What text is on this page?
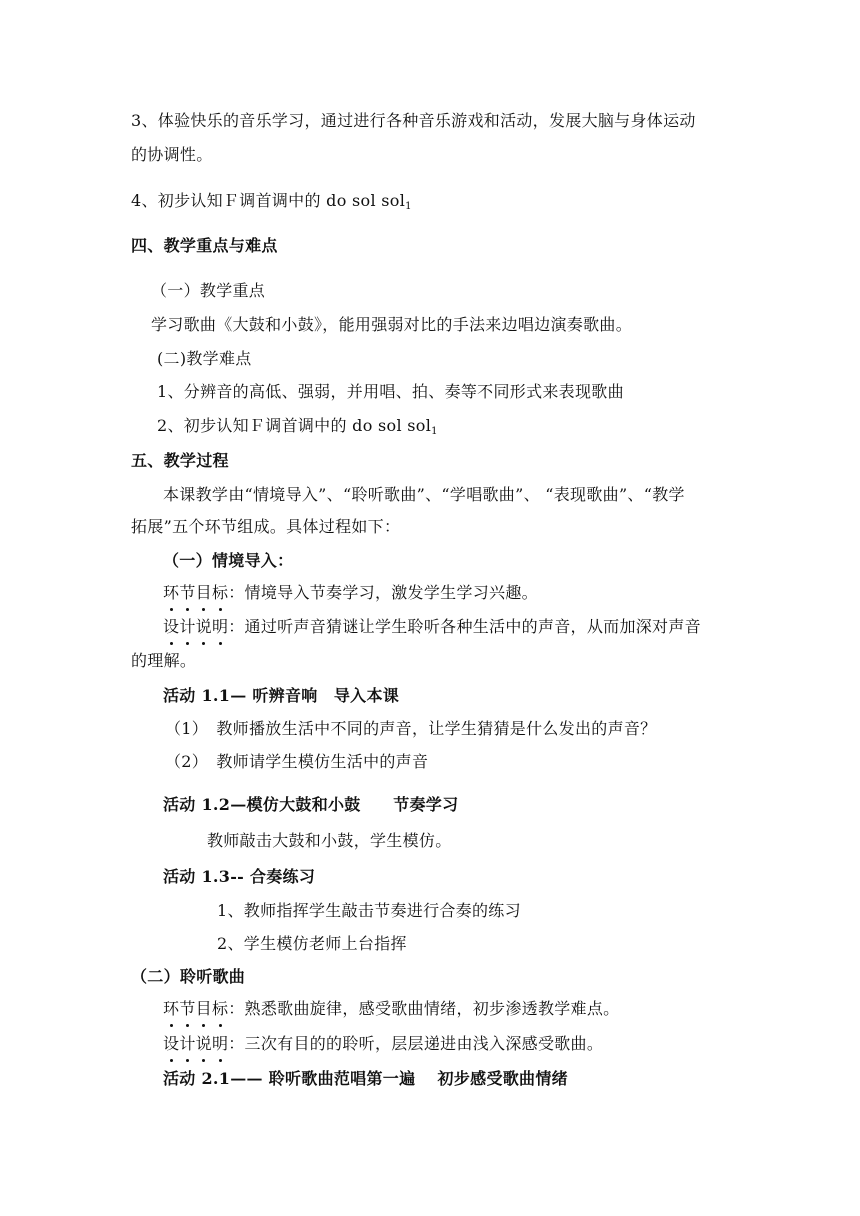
3、体验快乐的音乐学习，通过进行各种音乐游戏和活动，发展大脑与身体运动
的协调性。
4、初步认知Ｆ调首调中的 do sol sol$_1$
四、教学重点与难点
（一）教学重点
学习歌曲《大鼓和小鼓》，能用强弱对比的手法来边唱边演奏歌曲。
(二)教学难点
1、分辨音的高低、强弱，并用唱、拍、奏等不同形式来表现歌曲
2、初步认知Ｆ调首调中的 do sol sol$_1$
五、教学过程
本课教学由“情境导入”、“聆听歌曲”、“学唱歌曲”、 “表现歌曲”、“教学
拓展”五个环节组成。具体过程如下：
（一）情境导入：
环节目标：情境导入节奏学习，激发学生学习兴趣。
设计说明：通过听声音猜谜让学生聆听各种生活中的声音，从而加深对声音
的理解。
活动 1.1— 听辨音响　导入本课
（1）　教师播放生活中不同的声音，让学生猜猜是什么发出的声音？
（2）　教师请学生模仿生活中的声音
活动 1.2—模仿大鼓和小鼓　　节奏学习
教师敲击大鼓和小鼓，学生模仿。
活动 1.3-- 合奏练习
1、教师指挥学生敲击节奏进行合奏的练习
2、学生模仿老师上台指挥
（二）聆听歌曲
环节目标：熟悉歌曲旋律，感受歌曲情绪，初步渗透教学难点。
设计说明：三次有目的的聆听，层层递进由浅入深感受歌曲。
活动 2.1—— 聆听歌曲范唱第一遍　 初步感受歌曲情绪
